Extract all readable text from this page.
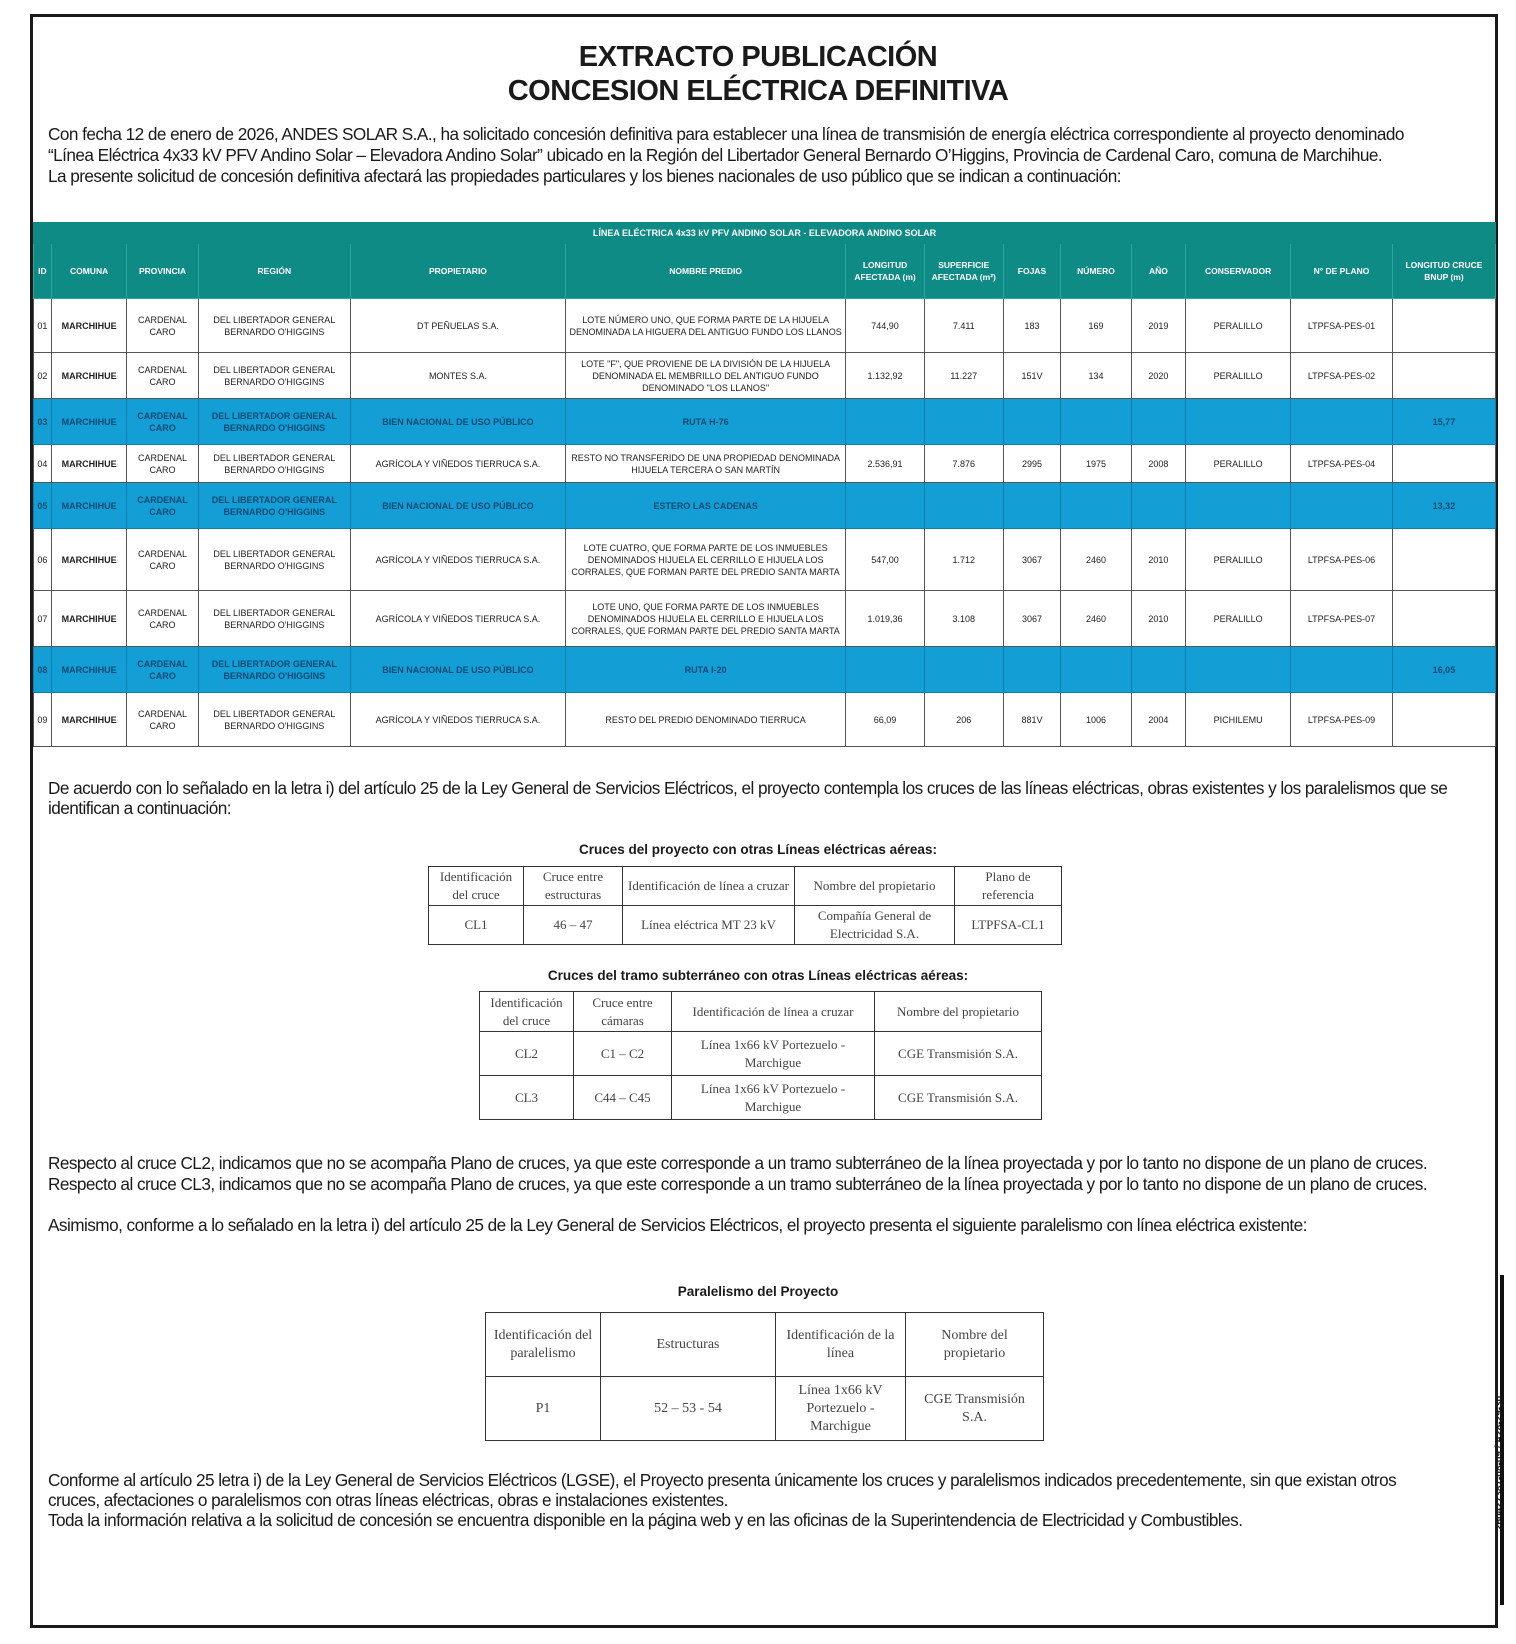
260427387-08-09 / A28-29-30
EXTRACTO PUBLICACIÓN
CONCESION ELÉCTRICA DEFINITIVA

Con fecha 12 de enero de 2026, ANDES SOLAR S.A., ha solicitado concesión definitiva para establecer una línea de transmisión de energía eléctrica correspondiente al proyecto denominado

“Línea Eléctrica 4x33 kV PFV Andino Solar – Elevadora Andino Solar” ubicado en la Región del Libertador General Bernardo O’Higgins, Provincia de Cardenal Caro, comuna de Marchihue.

La presente solicitud de concesión definitiva afectará las propiedades particulares y los bienes nacionales de uso público que se indican a continuación:

LÍNEA ELÉCTRICA 4x33 kV PFV ANDINO SOLAR - ELEVADORA ANDINO SOLAR													
ID	COMUNA	PROVINCIA	REGIÓN	PROPIETARIO	NOMBRE PREDIO	LONGITUD AFECTADA (m)	SUPERFICIE AFECTADA (m²)	FOJAS	NÚMERO	AÑO	CONSERVADOR	N° DE PLANO	LONGITUD CRUCE BNUP (m)
01	MARCHIHUE	CARDENAL CARO	DEL LIBERTADOR GENERAL BERNARDO O'HIGGINS	DT PEÑUELAS S.A.	LOTE NÚMERO UNO, QUE FORMA PARTE DE LA HIJUELA DENOMINADA LA HIGUERA DEL ANTIGUO FUNDO LOS LLANOS	744,90	7.411	183	169	2019	PERALILLO	LTPFSA-PES-01	
02	MARCHIHUE	CARDENAL CARO	DEL LIBERTADOR GENERAL BERNARDO O'HIGGINS	MONTES S.A.	LOTE "F", QUE PROVIENE DE LA DIVISIÓN DE LA HIJUELA DENOMINADA EL MEMBRILLO DEL ANTIGUO FUNDO DENOMINADO "LOS LLANOS"	1.132,92	11.227	151V	134	2020	PERALILLO	LTPFSA-PES-02	
03	MARCHIHUE	CARDENAL CARO	DEL LIBERTADOR GENERAL BERNARDO O'HIGGINS	BIEN NACIONAL DE USO PÚBLICO	RUTA H-76								15,77
04	MARCHIHUE	CARDENAL CARO	DEL LIBERTADOR GENERAL BERNARDO O'HIGGINS	AGRÍCOLA Y VIÑEDOS TIERRUCA S.A.	RESTO NO TRANSFERIDO DE UNA PROPIEDAD DENOMINADA HIJUELA TERCERA O SAN MARTÍN	2.536,91	7.876	2995	1975	2008	PERALILLO	LTPFSA-PES-04	
05	MARCHIHUE	CARDENAL CARO	DEL LIBERTADOR GENERAL BERNARDO O'HIGGINS	BIEN NACIONAL DE USO PÚBLICO	ESTERO LAS CADENAS								13,32
06	MARCHIHUE	CARDENAL CARO	DEL LIBERTADOR GENERAL BERNARDO O'HIGGINS	AGRÍCOLA Y VIÑEDOS TIERRUCA S.A.	LOTE CUATRO, QUE FORMA PARTE DE LOS INMUEBLES DENOMINADOS HIJUELA EL CERRILLO E HIJUELA LOS CORRALES, QUE FORMAN PARTE DEL PREDIO SANTA MARTA	547,00	1.712	3067	2460	2010	PERALILLO	LTPFSA-PES-06	
07	MARCHIHUE	CARDENAL CARO	DEL LIBERTADOR GENERAL BERNARDO O'HIGGINS	AGRÍCOLA Y VIÑEDOS TIERRUCA S.A.	LOTE UNO, QUE FORMA PARTE DE LOS INMUEBLES DENOMINADOS HIJUELA EL CERRILLO E HIJUELA LOS CORRALES, QUE FORMAN PARTE DEL PREDIO SANTA MARTA	1.019,36	3.108	3067	2460	2010	PERALILLO	LTPFSA-PES-07	
08	MARCHIHUE	CARDENAL CARO	DEL LIBERTADOR GENERAL BERNARDO O'HIGGINS	BIEN NACIONAL DE USO PÚBLICO	RUTA I-20								16,05
09	MARCHIHUE	CARDENAL CARO	DEL LIBERTADOR GENERAL BERNARDO O'HIGGINS	AGRÍCOLA Y VIÑEDOS TIERRUCA S.A.	RESTO DEL PREDIO DENOMINADO TIERRUCA	66,09	206	881V	1006	2004	PICHILEMU	LTPFSA-PES-09	

De acuerdo con lo señalado en la letra i) del artículo 25 de la Ley General de Servicios Eléctricos, el proyecto contempla los cruces de las líneas eléctricas, obras existentes y los paralelismos que se identifican a continuación:

Cruces del proyecto con otras Líneas eléctricas aéreas:
Identificación del cruce	Cruce entre estructuras	Identificación de línea a cruzar	Nombre del propietario	Plano de referencia
CL1	46 – 47	Línea eléctrica MT 23 kV	Compañía General de Electricidad S.A.	LTPFSA-CL1
Cruces del tramo subterráneo con otras Líneas eléctricas aéreas:
Identificación del cruce	Cruce entre cámaras	Identificación de línea a cruzar	Nombre del propietario
CL2	C1 – C2	Línea 1x66 kV Portezuelo - Marchigue	CGE Transmisión S.A.
CL3	C44 – C45	Línea 1x66 kV Portezuelo - Marchigue	CGE Transmisión S.A.

Respecto al cruce CL2, indicamos que no se acompaña Plano de cruces, ya que este corresponde a un tramo subterráneo de la línea proyectada y por lo tanto no dispone de un plano de cruces.

Respecto al cruce CL3, indicamos que no se acompaña Plano de cruces, ya que este corresponde a un tramo subterráneo de la línea proyectada y por lo tanto no dispone de un plano de cruces.

Asimismo, conforme a lo señalado en la letra i) del artículo 25 de la Ley General de Servicios Eléctricos, el proyecto presenta el siguiente paralelismo con línea eléctrica existente:

Paralelismo del Proyecto
Identificación del paralelismo	Estructuras	Identificación de la línea	Nombre del propietario
P1	52 – 53 - 54	Línea 1x66 kV Portezuelo - Marchigue	CGE Transmisión S.A.

Conforme al artículo 25 letra i) de la Ley General de Servicios Eléctricos (LGSE), el Proyecto presenta únicamente los cruces y paralelismos indicados precedentemente, sin que existan otros

cruces, afectaciones o paralelismos con otras líneas eléctricas, obras e instalaciones existentes.

Toda la información relativa a la solicitud de concesión se encuentra disponible en la página web y en las oficinas de la Superintendencia de Electricidad y Combustibles.
